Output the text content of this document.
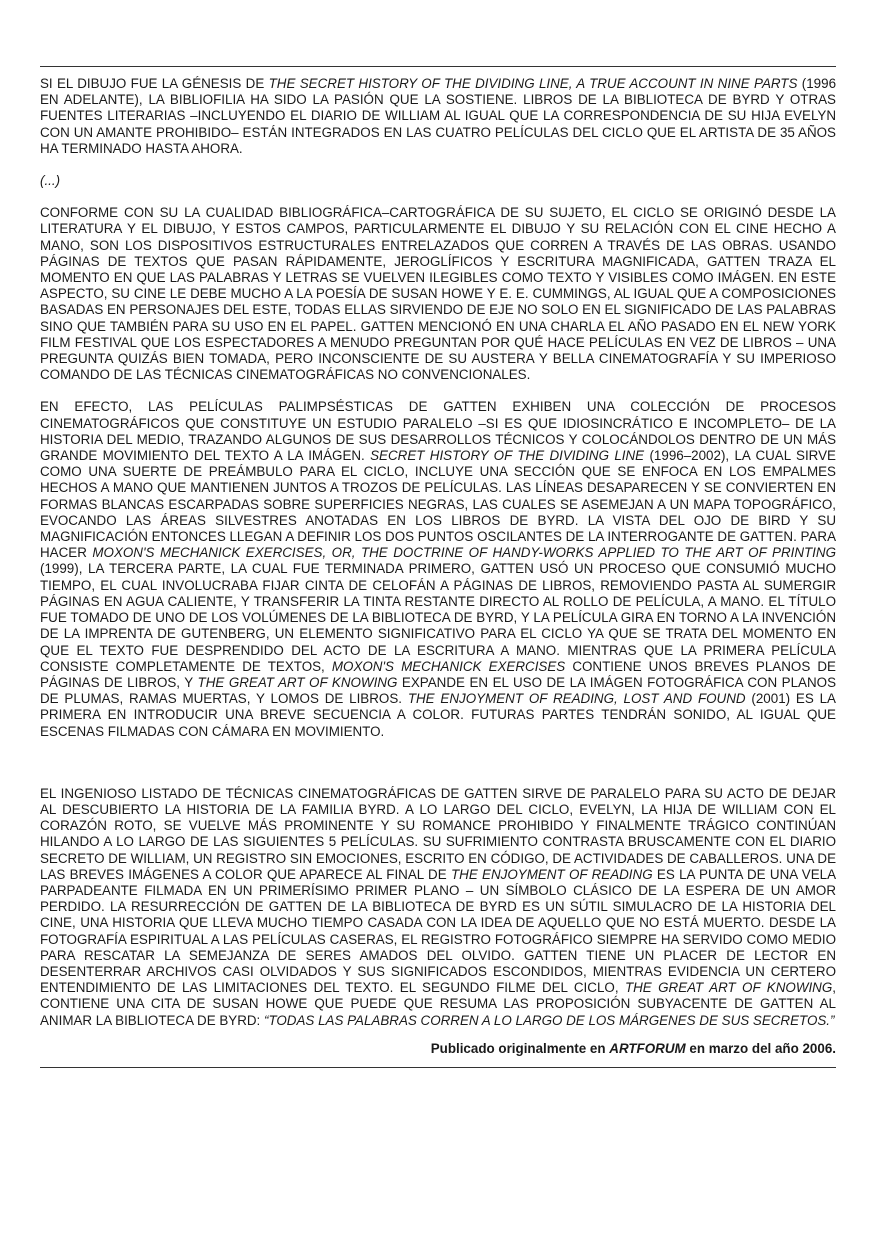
SI EL DIBUJO FUE LA GÉNESIS DE THE SECRET HISTORY OF THE DIVIDING LINE, A TRUE ACCOUNT IN NINE PARTS (1996 EN ADELANTE), LA BIBLIOFILIA HA SIDO LA PASIÓN QUE LA SOSTIENE. LIBROS DE LA BIBLIOTECA DE BYRD Y OTRAS FUENTES LITERARIAS –INCLUYENDO EL DIARIO DE WILLIAM AL IGUAL QUE LA CORRESPONDENCIA DE SU HIJA EVELYN CON UN AMANTE PROHIBIDO– ESTÁN INTEGRADOS EN LAS CUATRO PELÍCULAS DEL CICLO QUE EL ARTISTA DE 35 AÑOS HA TERMINADO HASTA AHORA.

(...)

CONFORME CON SU LA CUALIDAD BIBLIOGRÁFICA–CARTOGRÁFICA DE SU SUJETO, EL CICLO SE ORIGINÓ DESDE LA LITERATURA Y EL DIBUJO, Y ESTOS CAMPOS, PARTICULARMENTE EL DIBUJO Y SU RELACIÓN CON EL CINE HECHO A MANO, SON LOS DISPOSITIVOS ESTRUCTURALES ENTRELAZADOS QUE CORREN A TRAVÉS DE LAS OBRAS. USANDO PÁGINAS DE TEXTOS QUE PASAN RÁPIDAMENTE, JEROGLÍFICOS Y ESCRITURA MAGNIFICADA, GATTEN TRAZA EL MOMENTO EN QUE LAS PALABRAS Y LETRAS SE VUELVEN ILEGIBLES COMO TEXTO Y VISIBLES COMO IMÁGEN. EN ESTE ASPECTO, SU CINE LE DEBE MUCHO A LA POESÍA DE SUSAN HOWE Y E. E. CUMMINGS, AL IGUAL QUE A COMPOSICIONES BASADAS EN PERSONAJES DEL ESTE, TODAS ELLAS SIRVIENDO DE EJE NO SOLO EN EL SIGNIFICADO DE LAS PALABRAS SINO QUE TAMBIÉN PARA SU USO EN EL PAPEL. GATTEN MENCIONÓ EN UNA CHARLA EL AÑO PASADO EN EL NEW YORK FILM FESTIVAL QUE LOS ESPECTADORES A MENUDO PREGUNTAN POR QUÉ HACE PELÍCULAS EN VEZ DE LIBROS – UNA PREGUNTA QUIZÁS BIEN TOMADA, PERO INCONSCIENTE DE SU AUSTERA Y BELLA CINEMATOGRAFÍA Y SU IMPERIOSO COMANDO DE LAS TÉCNICAS CINEMATOGRÁFICAS NO CONVENCIONALES.

EN EFECTO, LAS PELÍCULAS PALIMPSÉSTICAS DE GATTEN EXHIBEN UNA COLECCIÓN DE PROCESOS CINEMATOGRÁFICOS QUE CONSTITUYE UN ESTUDIO PARALELO –SI ES QUE IDIOSINCRÁTICO E INCOMPLETO– DE LA HISTORIA DEL MEDIO, TRAZANDO ALGUNOS DE SUS DESARROLLOS TÉCNICOS Y COLOCÁNDOLOS DENTRO DE UN MÁS GRANDE MOVIMIENTO DEL TEXTO A LA IMÁGEN. SECRET HISTORY OF THE DIVIDING LINE (1996–2002), LA CUAL SIRVE COMO UNA SUERTE DE PREÁMBULO PARA EL CICLO, INCLUYE UNA SECCIÓN QUE SE ENFOCA EN LOS EMPALMES HECHOS A MANO QUE MANTIENEN JUNTOS A TROZOS DE PELÍCULAS. LAS LÍNEAS DESAPARECEN Y SE CONVIERTEN EN FORMAS BLANCAS ESCARPADAS SOBRE SUPERFICIES NEGRAS, LAS CUALES SE ASEMEJAN A UN MAPA TOPOGRÁFICO, EVOCANDO LAS ÁREAS SILVESTRES ANOTADAS EN LOS LIBROS DE BYRD. LA VISTA DEL OJO DE BIRD Y SU MAGNIFICACIÓN ENTONCES LLEGAN A DEFINIR LOS DOS PUNTOS OSCILANTES DE LA INTERROGANTE DE GATTEN. PARA HACER MOXON'S MECHANICK EXERCISES, OR, THE DOCTRINE OF HANDY-WORKS APPLIED TO THE ART OF PRINTING (1999), LA TERCERA PARTE, LA CUAL FUE TERMINADA PRIMERO, GATTEN USÓ UN PROCESO QUE CONSUMIÓ MUCHO TIEMPO, EL CUAL INVOLUCRABA FIJAR CINTA DE CELOFÁN A PÁGINAS DE LIBROS, REMOVIENDO PASTA AL SUMERGIR PÁGINAS EN AGUA CALIENTE, Y TRANSFERIR LA TINTA RESTANTE DIRECTO AL ROLLO DE PELÍCULA, A MANO. EL TÍTULO FUE TOMADO DE UNO DE LOS VOLÚMENES DE LA BIBLIOTECA DE BYRD, Y LA PELÍCULA GIRA EN TORNO A LA INVENCIÓN DE LA IMPRENTA DE GUTENBERG, UN ELEMENTO SIGNIFICATIVO PARA EL CICLO YA QUE SE TRATA DEL MOMENTO EN QUE EL TEXTO FUE DESPRENDIDO DEL ACTO DE LA ESCRITURA A MANO. MIENTRAS QUE LA PRIMERA PELÍCULA CONSISTE COMPLETAMENTE DE TEXTOS, MOXON'S MECHANICK EXERCISES CONTIENE UNOS BREVES PLANOS DE PÁGINAS DE LIBROS, Y THE GREAT ART OF KNOWING EXPANDE EN EL USO DE LA IMÁGEN FOTOGRÁFICA CON PLANOS DE PLUMAS, RAMAS MUERTAS, Y LOMOS DE LIBROS. THE ENJOYMENT OF READING, LOST AND FOUND (2001) ES LA PRIMERA EN INTRODUCIR UNA BREVE SECUENCIA A COLOR. FUTURAS PARTES TENDRÁN SONIDO, AL IGUAL QUE ESCENAS FILMADAS CON CÁMARA EN MOVIMIENTO.

EL INGENIOSO LISTADO DE TÉCNICAS CINEMATOGRÁFICAS DE GATTEN SIRVE DE PARALELO PARA SU ACTO DE DEJAR AL DESCUBIERTO LA HISTORIA DE LA FAMILIA BYRD. A LO LARGO DEL CICLO, EVELYN, LA HIJA DE WILLIAM CON EL CORAZÓN ROTO, SE VUELVE MÁS PROMINENTE Y SU ROMANCE PROHIBIDO Y FINALMENTE TRÁGICO CONTINÚAN HILANDO A LO LARGO DE LAS SIGUIENTES 5 PELÍCULAS. SU SUFRIMIENTO CONTRASTA BRUSCAMENTE CON EL DIARIO SECRETO DE WILLIAM, UN REGISTRO SIN EMOCIONES, ESCRITO EN CÓDIGO, DE ACTIVIDADES DE CABALLEROS. UNA DE LAS BREVES IMÁGENES A COLOR QUE APARECE AL FINAL DE THE ENJOYMENT OF READING ES LA PUNTA DE UNA VELA PARPADEANTE FILMADA EN UN PRIMERÍSIMO PRIMER PLANO – UN SÍMBOLO CLÁSICO DE LA ESPERA DE UN AMOR PERDIDO. LA RESURRECCIÓN DE GATTEN DE LA BIBLIOTECA DE BYRD ES UN SÚTIL SIMULACRO DE LA HISTORIA DEL CINE, UNA HISTORIA QUE LLEVA MUCHO TIEMPO CASADA CON LA IDEA DE AQUELLO QUE NO ESTÁ MUERTO. DESDE LA FOTOGRAFÍA ESPIRITUAL A LAS PELÍCULAS CASERAS, EL REGISTRO FOTOGRÁFICO SIEMPRE HA SERVIDO COMO MEDIO PARA RESCATAR LA SEMEJANZA DE SERES AMADOS DEL OLVIDO. GATTEN TIENE UN PLACER DE LECTOR EN DESENTERRAR ARCHIVOS CASI OLVIDADOS Y SUS SIGNIFICADOS ESCONDIDOS, MIENTRAS EVIDENCIA UN CERTERO ENTENDIMIENTO DE LAS LIMITACIONES DEL TEXTO. EL SEGUNDO FILME DEL CICLO, THE GREAT ART OF KNOWING, CONTIENE UNA CITA DE SUSAN HOWE QUE PUEDE QUE RESUMA LAS PROPOSICIÓN SUBYACENTE DE GATTEN AL ANIMAR LA BIBLIOTECA DE BYRD: “TODAS LAS PALABRAS CORREN A LO LARGO DE LOS MÁRGENES DE SUS SECRETOS.”

Publicado originalmente en ARTFORUM en marzo del año 2006.
